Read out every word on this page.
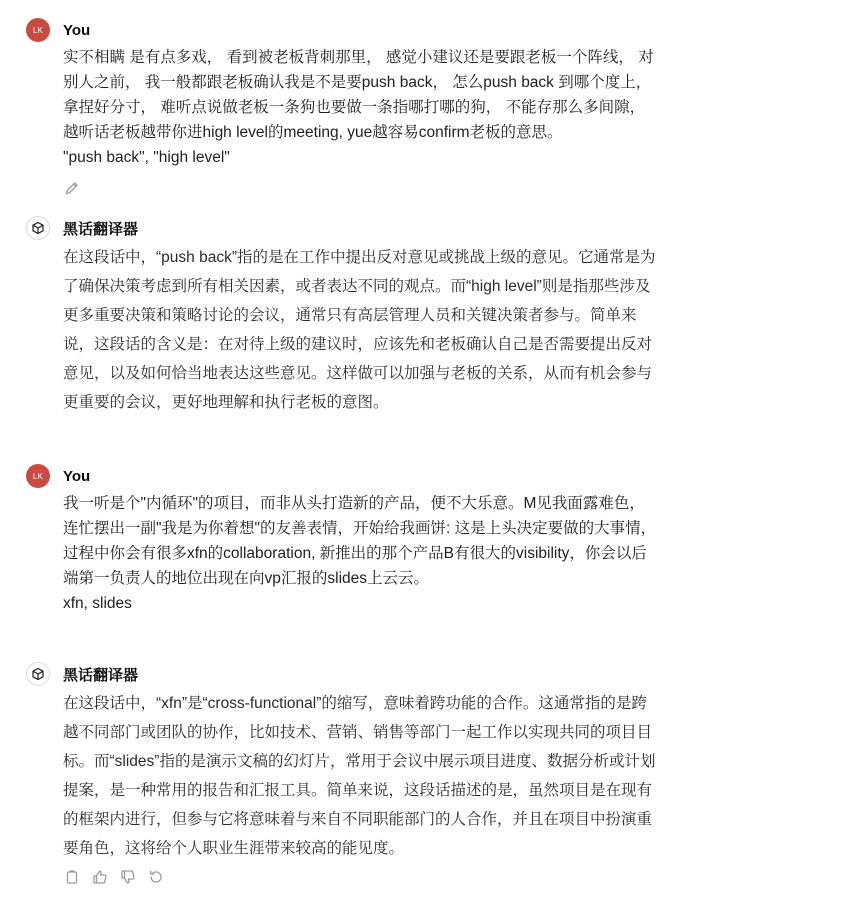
LK	You

实不相瞒 是有点多戏， 看到被老板背刺那里， 感觉小建议还是要跟老板一个阵线， 对

别人之前， 我一般都跟老板确认我是不是要push back， 怎么push back 到哪个度上，

拿捏好分寸， 难听点说做老板一条狗也要做一条指哪打哪的狗， 不能存那么多间隙，

越听话老板越带你进high level的meeting, yue越容易confirm老板的意思。

"push back", "high level"

黑话翻译器

在这段话中，“push back”指的是在工作中提出反对意见或挑战上级的意见。它通常是为

了确保决策考虑到所有相关因素，或者表达不同的观点。而“high level”则是指那些涉及

更多重要决策和策略讨论的会议，通常只有高层管理人员和关键决策者参与。简单来

说，这段话的含义是：在对待上级的建议时，应该先和老板确认自己是否需要提出反对

意见，以及如何恰当地表达这些意见。这样做可以加强与老板的关系，从而有机会参与

更重要的会议，更好地理解和执行老板的意图。

LK	You

我一听是个"内循环"的项目，而非从头打造新的产品，便不大乐意。M见我面露难色，

连忙摆出一副"我是为你着想"的友善表情，开始给我画饼: 这是上头决定要做的大事情，

过程中你会有很多xfn的collaboration, 新推出的那个产品B有很大的visibility，你会以后

端第一负责人的地位出现在向vp汇报的slides上云云。

xfn, slides

黑话翻译器

在这段话中，“xfn”是“cross-functional”的缩写，意味着跨功能的合作。这通常指的是跨

越不同部门或团队的协作，比如技术、营销、销售等部门一起工作以实现共同的项目目

标。而“slides”指的是演示文稿的幻灯片，常用于会议中展示项目进度、数据分析或计划

提案，是一种常用的报告和汇报工具。简单来说，这段话描述的是，虽然项目是在现有

的框架内进行，但参与它将意味着与来自不同职能部门的人合作，并且在项目中扮演重

要角色，这将给个人职业生涯带来较高的能见度。
